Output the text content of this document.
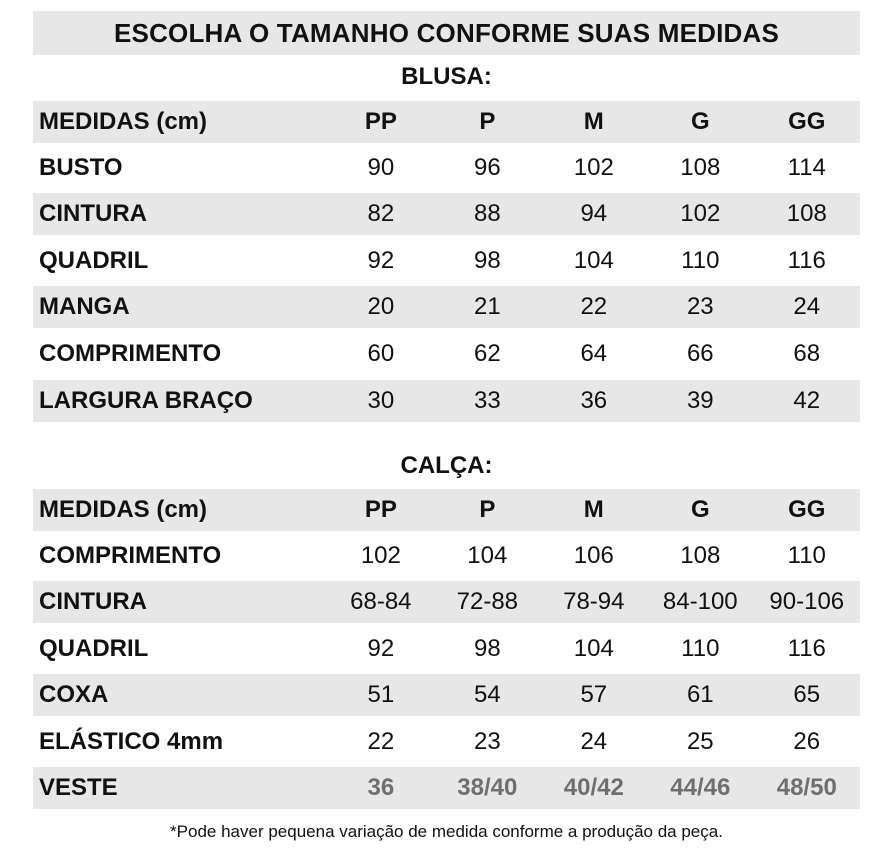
ESCOLHA O TAMANHO CONFORME SUAS MEDIDAS
BLUSA:
MEDIDAS (cm)	PP	P	M	G	GG
BUSTO	90	96	102	108	114
CINTURA	82	88	94	102	108
QUADRIL	92	98	104	110	116
MANGA	20	21	22	23	24
COMPRIMENTO	60	62	64	66	68
LARGURA BRAÇO	30	33	36	39	42
CALÇA:
MEDIDAS (cm)	PP	P	M	G	GG
COMPRIMENTO	102	104	106	108	110
CINTURA	68-84	72-88	78-94	84-100	90-106
QUADRIL	92	98	104	110	116
COXA	51	54	57	61	65
ELÁSTICO 4mm	22	23	24	25	26
VESTE	36	38/40	40/42	44/46	48/50
*Pode haver pequena variação de medida conforme a produção da peça.
